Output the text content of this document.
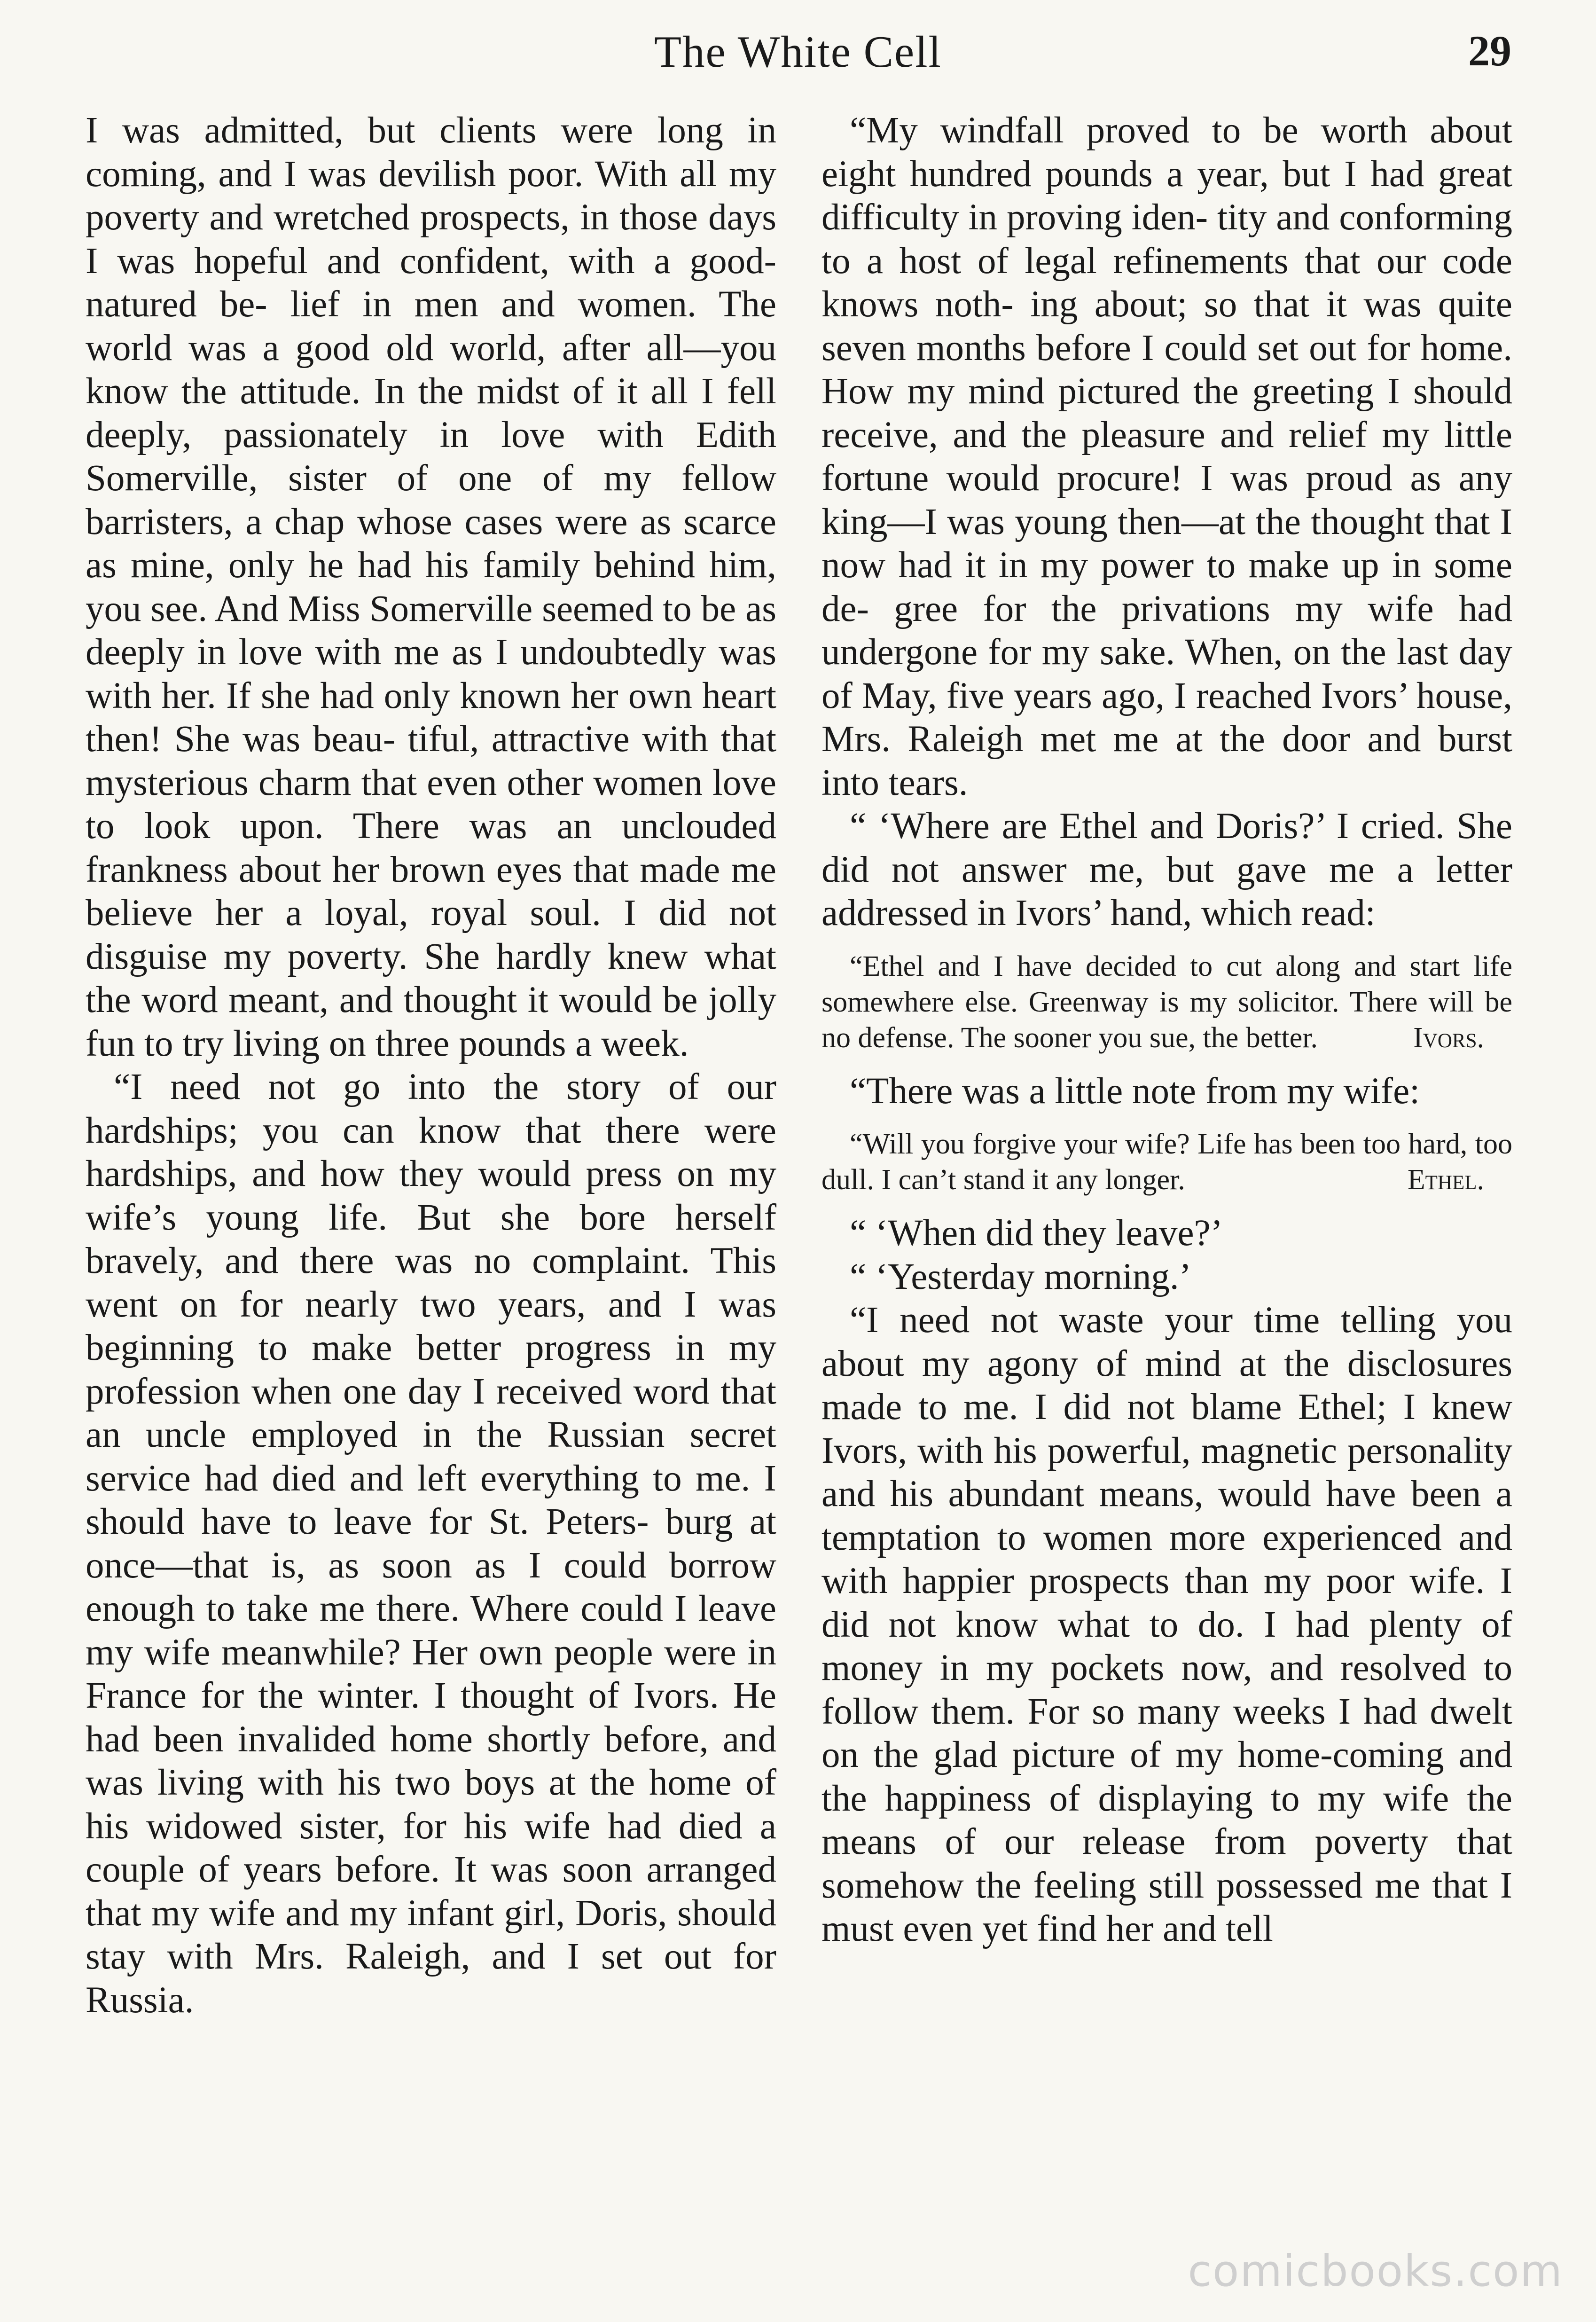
The White Cell	29

I was admitted, but clients were long in coming, and I was devilish poor. With all my poverty and wretched prospects, in those days I was hopeful and confident, with a good-natured be- lief in men and women. The world was a good old world, after all—you know the attitude. In the midst of it all I fell deeply, passionately in love with Edith Somerville, sister of one of my fellow barristers, a chap whose cases were as scarce as mine, only he had his family behind him, you see. And Miss Somerville seemed to be as deeply in love with me as I undoubtedly was with her. If she had only known her own heart then! She was beau- tiful, attractive with that mysterious charm that even other women love to look upon. There was an unclouded frankness about her brown eyes that made me believe her a loyal, royal soul. I did not disguise my poverty. She hardly knew what the word meant, and thought it would be jolly fun to try living on three pounds a week.

“I need not go into the story of our hardships; you can know that there were hardships, and how they would press on my wife’s young life. But she bore herself bravely, and there was no complaint. This went on for nearly two years, and I was beginning to make better progress in my profession when one day I received word that an uncle employed in the Russian secret service had died and left everything to me. I should have to leave for St. Peters- burg at once—that is, as soon as I could borrow enough to take me there. Where could I leave my wife meanwhile? Her own people were in France for the winter. I thought of Ivors. He had been invalided home shortly before, and was living with his two boys at the home of his widowed sister, for his wife had died a couple of years before. It was soon arranged that my wife and my infant girl, Doris, should stay with Mrs. Raleigh, and I set out for Russia.

“My windfall proved to be worth about eight hundred pounds a year, but I had great difficulty in proving iden- tity and conforming to a host of legal refinements that our code knows noth- ing about; so that it was quite seven months before I could set out for home. How my mind pictured the greeting I should receive, and the pleasure and relief my little fortune would procure! I was proud as any king—I was young then—at the thought that I now had it in my power to make up in some de- gree for the privations my wife had undergone for my sake. When, on the last day of May, five years ago, I reached Ivors’ house, Mrs. Raleigh met me at the door and burst into tears.

“ ‘Where are Ethel and Doris?’ I cried. She did not answer me, but gave me a letter addressed in Ivors’ hand, which read:

“Ethel and I have decided to cut along and start life somewhere else. Greenway is my solicitor. There will be no defense. The sooner you sue, the better.	Ivors.

“There was a little note from my wife:

“Will you forgive your wife? Life has been too hard, too dull. I can’t stand it any longer.	Ethel.

“ ‘When did they leave?’

“ ‘Yesterday morning.’

“I need not waste your time telling you about my agony of mind at the disclosures made to me. I did not blame Ethel; I knew Ivors, with his powerful, magnetic personality and his abundant means, would have been a temptation to women more experienced and with happier prospects than my poor wife. I did not know what to do. I had plenty of money in my pockets now, and resolved to follow them. For so many weeks I had dwelt on the glad picture of my home-coming and the happiness of displaying to my wife the means of our release from poverty that somehow the feeling still possessed me that I must even yet find her and tell

comicbooks.com
